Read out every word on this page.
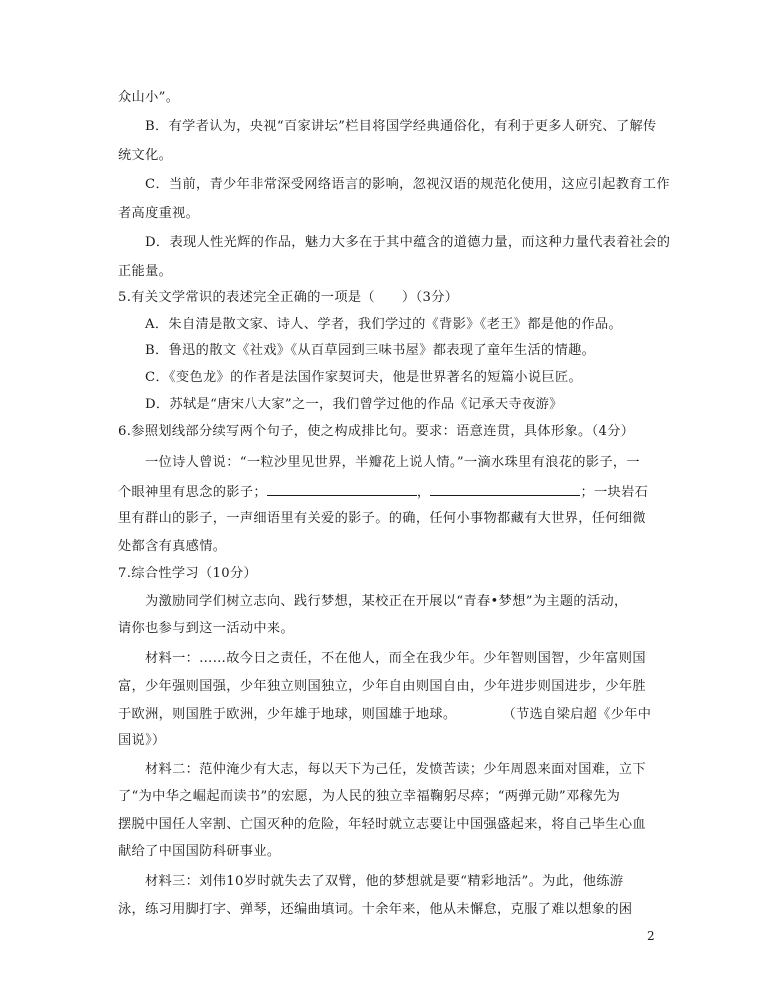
众山小”。
B．有学者认为，央视“百家讲坛”栏目将国学经典通俗化，有利于更多人研究、了解传
统文化。
C．当前，青少年非常深受网络语言的影响，忽视汉语的规范化使用，这应引起教育工作
者高度重视。
D．表现人性光辉的作品，魅力大多在于其中蕴含的道德力量，而这种力量代表着社会的
正能量。
5.有关文学常识的表述完全正确的一项是（　　）（3分）
A．朱自清是散文家、诗人、学者，我们学过的《背影》《老王》都是他的作品。
B．鲁迅的散文《社戏》《从百草园到三味书屋》都表现了童年生活的情趣。
C．《变色龙》的作者是法国作家契诃夫，他是世界著名的短篇小说巨匠。
D．苏轼是“唐宋八大家”之一，我们曾学过他的作品《记承天寺夜游》
6.参照划线部分续写两个句子，使之构成排比句。要求：语意连贯，具体形象。（4分）
一位诗人曾说：“一粒沙里见世界，半瓣花上说人情。”一滴水珠里有浪花的影子，一
个眼神里有思念的影子；	，	；一块岩石
里有群山的影子，一声细语里有关爱的影子。的确，任何小事物都藏有大世界，任何细微
处都含有真感情。
7.综合性学习（10分）
为激励同学们树立志向、践行梦想，某校正在开展以“青春•梦想”为主题的活动，
请你也参与到这一活动中来。
材料一：……故今日之责任，不在他人，而全在我少年。少年智则国智，少年富则国
富，少年强则国强，少年独立则国独立，少年自由则国自由，少年进步则国进步，少年胜
于欧洲，则国胜于欧洲，少年雄于地球，则国雄于地球。	（节选自梁启超《少年中
国说》）
材料二：范仲淹少有大志，每以天下为己任，发愤苦读；少年周恩来面对国难，立下
了“为中华之崛起而读书”的宏愿，为人民的独立幸福鞠躬尽瘁；“两弹元勋”邓稼先为
摆脱中国任人宰割、亡国灭种的危险，年轻时就立志要让中国强盛起来，将自己毕生心血
献给了中国国防科研事业。
材料三：刘伟10岁时就失去了双臂，他的梦想就是要“精彩地活”。为此，他练游
泳，练习用脚打字、弹琴，还编曲填词。十余年来，他从未懈怠，克服了难以想象的困
2
